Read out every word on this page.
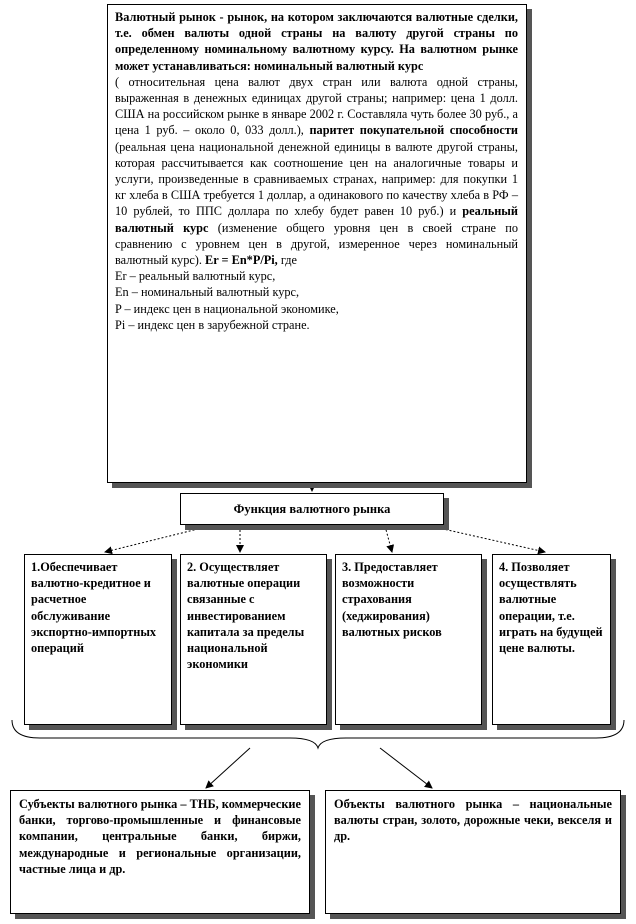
Валютный рынок - рынок, на котором заключаются валютные сделки, т.е. обмен валюты одной страны на валюту другой страны по определенному номинальному валютному курсу. На валютном рынке может устанавливаться: номинальный валютный курс

( относительная цена валют двух стран или валюта одной страны, выраженная в денежных единицах другой страны; например: цена 1 долл. США на российском рынке в январе 2002 г. Составляла чуть более 30 руб., а цена 1 руб. – около 0, 033 долл.), паритет покупательной способности (реальная цена национальной денежной единицы в валюте другой страны, которая рассчитывается как соотношение цен на аналогичные товары и услуги, произведенные в сравниваемых странах, например: для покупки 1 кг хлеба в США требуется 1 доллар, а одинакового по качеству хлеба в РФ – 10 рублей, то ППС доллара по хлебу будет равен 10 руб.) и реальный валютный курс (изменение общего уровня цен в своей стране по сравнению с уровнем цен в другой, измеренное через номинальный валютный курс). Er = En*P/Pi, где

Er – реальный валютный курс,

En – номинальный валютный курс,

P – индекс цен в национальной экономике,

Pi – индекс цен в зарубежной стране.

Функция валютного рынка
1.Обеспечивает валютно-кредитное и расчетное обслуживание экспортно-импортных операций
2. Осуществляет валютные операции связанные с инвестированием капитала за пределы национальной экономики
3. Предоставляет возможности страхования (хеджирования) валютных рисков
4. Позволяет осуществлять валютные операции, т.е. играть на будущей цене валюты.
Субъекты валютного рынка – ТНБ, коммерческие банки, торгово-промышленные и финансовые компании, центральные банки, биржи, международные и региональные организации, частные лица и др.
Объекты валютного рынка – национальные валюты стран, золото, дорожные чеки, векселя и др.
